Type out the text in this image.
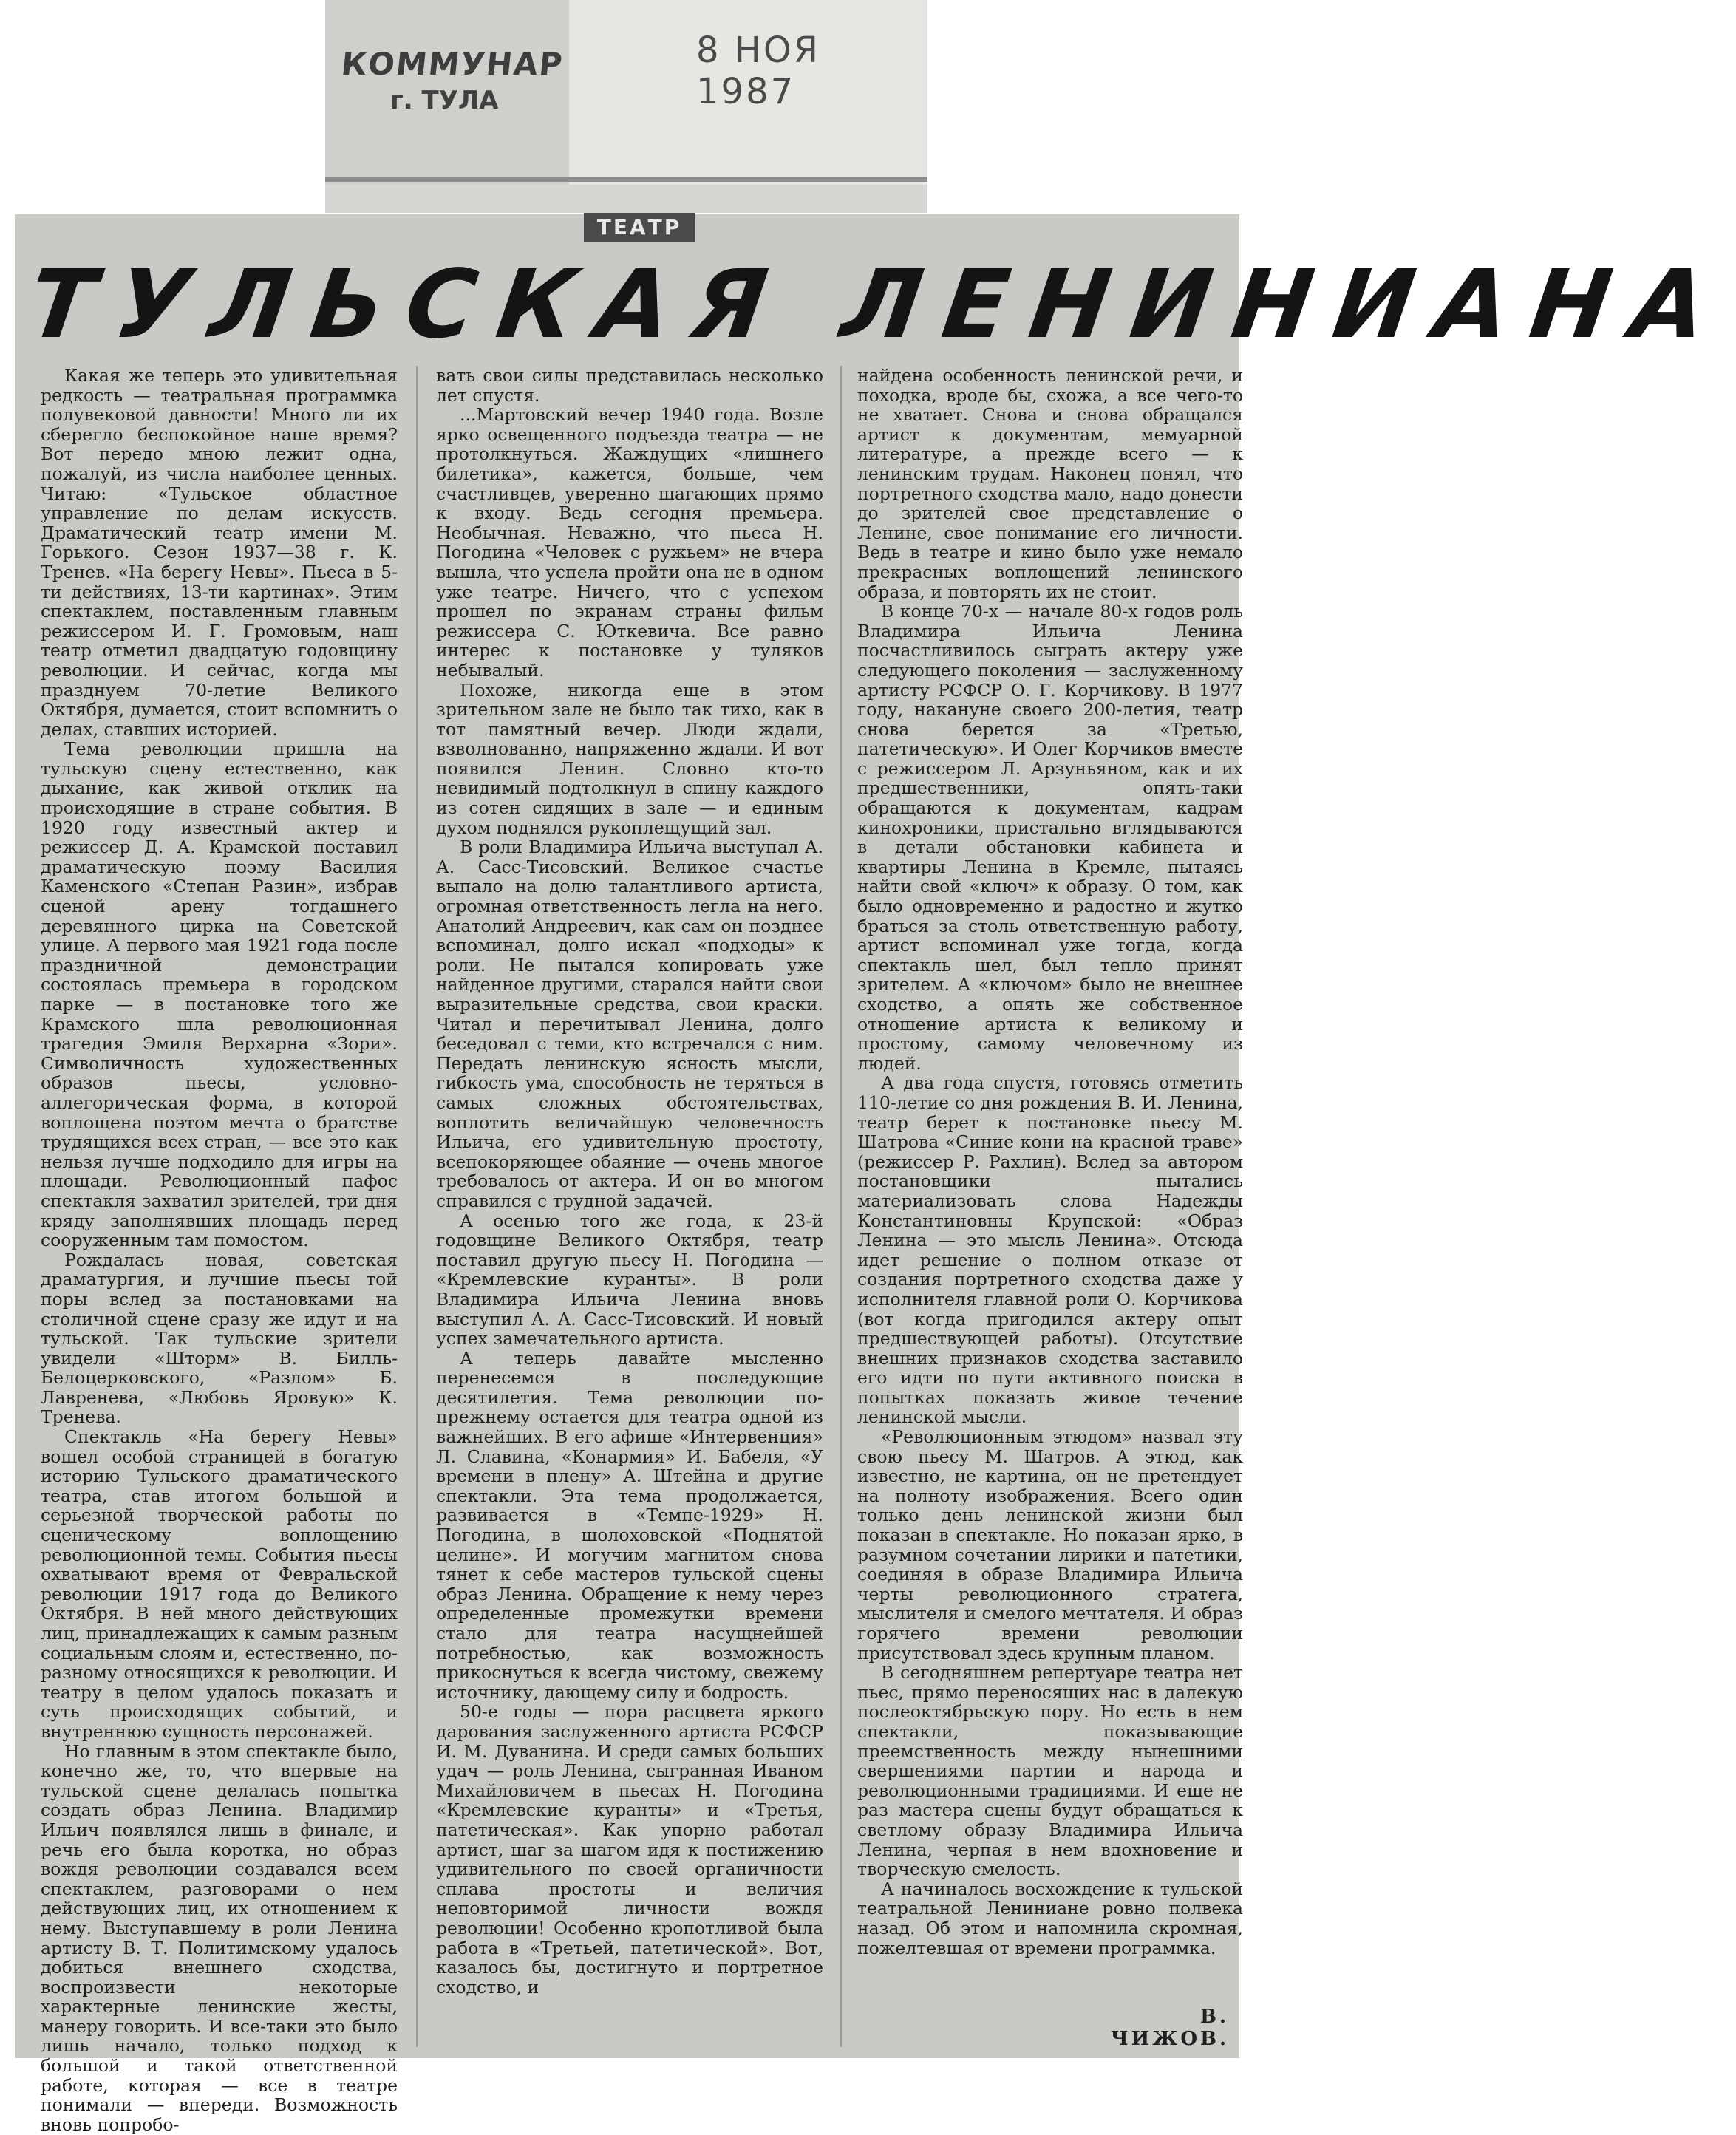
КОММУНАР
г. ТУЛА
8 НОЯ 1987
ТЕАТР
ТУЛЬСКАЯ ЛЕНИНИАНА

Какая же теперь это удивительная редкость — театральная программка полувековой давности! Много ли их сберегло беспокойное наше время? Вот передо мною лежит одна, пожалуй, из числа наиболее ценных. Читаю: «Тульское областное управление по делам искусств. Драматический театр имени М. Горького. Сезон 1937—38 г. К. Тренев. «На берегу Невы». Пьеса в 5-ти действиях, 13-ти картинах». Этим спектаклем, поставленным главным режиссером И. Г. Громовым, наш театр отметил двадцатую годовщину революции. И сейчас, когда мы празднуем 70-летие Великого Октября, думается, стоит вспомнить о делах, ставших историей.

Тема революции пришла на тульскую сцену естественно, как дыхание, как живой отклик на происходящие в стране события. В 1920 году известный актер и режиссер Д. А. Крамской поставил драматическую поэму Василия Каменского «Степан Разин», избрав сценой арену тогдашнего деревянного цирка на Советской улице. А первого мая 1921 года после праздничной демонстрации состоялась премьера в городском парке — в постановке того же Крамского шла революционная трагедия Эмиля Верхарна «Зори». Символичность художественных образов пьесы, условно-аллегорическая форма, в которой воплощена поэтом мечта о братстве трудящихся всех стран, — все это как нельзя лучше подходило для игры на площади. Революционный пафос спектакля захватил зрителей, три дня кряду заполнявших площадь перед сооруженным там помостом.

Рождалась новая, советская драматургия, и лучшие пьесы той поры вслед за постановками на столичной сцене сразу же идут и на тульской. Так тульские зрители увидели «Шторм» В. Билль-Белоцерковского, «Разлом» Б. Лавренева, «Любовь Яровую» К. Тренева.

Спектакль «На берегу Невы» вошел особой страницей в богатую историю Тульского драматического театра, став итогом большой и серьезной творческой работы по сценическому воплощению революционной темы. События пьесы охватывают время от Февральской революции 1917 года до Великого Октября. В ней много действующих лиц, принадлежащих к самым разным социальным слоям и, естественно, по-разному относящихся к революции. И театру в целом удалось показать и суть происходящих событий, и внутреннюю сущность персонажей.

Но главным в этом спектакле было, конечно же, то, что впервые на тульской сцене делалась попытка создать образ Ленина. Владимир Ильич появлялся лишь в финале, и речь его была коротка, но образ вождя революции создавался всем спектаклем, разговорами о нем действующих лиц, их отношением к нему. Выступавшему в роли Ленина артисту В. Т. Политимскому удалось добиться внешнего сходства, воспроизвести некоторые характерные ленинские жесты, манеру говорить. И все-таки это было лишь начало, только подход к большой и такой ответственной работе, которая — все в театре понимали — впереди. Возможность вновь попробо-

вать свои силы представилась несколько лет спустя.

...Мартовский вечер 1940 года. Возле ярко освещенного подъезда театра — не протолкнуться. Жаждущих «лишнего билетика», кажется, больше, чем счастливцев, уверенно шагающих прямо к входу. Ведь сегодня премьера. Необычная. Неважно, что пьеса Н. Погодина «Человек с ружьем» не вчера вышла, что успела пройти она не в одном уже театре. Ничего, что с успехом прошел по экранам страны фильм режиссера С. Юткевича. Все равно интерес к постановке у туляков небывалый.

Похоже, никогда еще в этом зрительном зале не было так тихо, как в тот памятный вечер. Люди ждали, взволнованно, напряженно ждали. И вот появился Ленин. Словно кто-то невидимый подтолкнул в спину каждого из сотен сидящих в зале — и единым духом поднялся рукоплещущий зал.

В роли Владимира Ильича выступал А. А. Сасс-Тисовский. Великое счастье выпало на долю талантливого артиста, огромная ответственность легла на него. Анатолий Андреевич, как сам он позднее вспоминал, долго искал «подходы» к роли. Не пытался копировать уже найденное другими, старался найти свои выразительные средства, свои краски. Читал и перечитывал Ленина, долго беседовал с теми, кто встречался с ним. Передать ленинскую ясность мысли, гибкость ума, способность не теряться в самых сложных обстоятельствах, воплотить величайшую человечность Ильича, его удивительную простоту, всепокоряющее обаяние — очень многое требовалось от актера. И он во многом справился с трудной задачей.

А осенью того же года, к 23-й годовщине Великого Октября, театр поставил другую пьесу Н. Погодина — «Кремлевские куранты». В роли Владимира Ильича Ленина вновь выступил А. А. Сасс-Тисовский. И новый успех замечательного артиста.

А теперь давайте мысленно перенесемся в последующие десятилетия. Тема революции по-прежнему остается для театра одной из важнейших. В его афише «Интервенция» Л. Славина, «Конармия» И. Бабеля, «У времени в плену» А. Штейна и другие спектакли. Эта тема продолжается, развивается в «Темпе-1929» Н. Погодина, в шолоховской «Поднятой целине». И могучим магнитом снова тянет к себе мастеров тульской сцены образ Ленина. Обращение к нему через определенные промежутки времени стало для театра насущнейшей потребностью, как возможность прикоснуться к всегда чистому, свежему источнику, дающему силу и бодрость.

50-е годы — пора расцвета яркого дарования заслуженного артиста РСФСР И. М. Дуванина. И среди самых больших удач — роль Ленина, сыгранная Иваном Михайловичем в пьесах Н. Погодина «Кремлевские куранты» и «Третья, патетическая». Как упорно работал артист, шаг за шагом идя к постижению удивительного по своей органичности сплава простоты и величия неповторимой личности вождя революции! Особенно кропотливой была работа в «Третьей, патетической». Вот, казалось бы, достигнуто и портретное сходство, и

найдена особенность ленинской речи, и походка, вроде бы, схожа, а все чего-то не хватает. Снова и снова обращался артист к документам, мемуарной литературе, а прежде всего — к ленинским трудам. Наконец понял, что портретного сходства мало, надо донести до зрителей свое представление о Ленине, свое понимание его личности. Ведь в театре и кино было уже немало прекрасных воплощений ленинского образа, и повторять их не стоит.

В конце 70-х — начале 80-х годов роль Владимира Ильича Ленина посчастливилось сыграть актеру уже следующего поколения — заслуженному артисту РСФСР О. Г. Корчикову. В 1977 году, накануне своего 200-летия, театр снова берется за «Третью, патетическую». И Олег Корчиков вместе с режиссером Л. Арзуньяном, как и их предшественники, опять-таки обращаются к документам, кадрам кинохроники, пристально вглядываются в детали обстановки кабинета и квартиры Ленина в Кремле, пытаясь найти свой «ключ» к образу. О том, как было одновременно и радостно и жутко браться за столь ответственную работу, артист вспоминал уже тогда, когда спектакль шел, был тепло принят зрителем. А «ключом» было не внешнее сходство, а опять же собственное отношение артиста к великому и простому, самому человечному из людей.

А два года спустя, готовясь отметить 110-летие со дня рождения В. И. Ленина, театр берет к постановке пьесу М. Шатрова «Синие кони на красной траве» (режиссер Р. Рахлин). Вслед за автором постановщики пытались материализовать слова Надежды Константиновны Крупской: «Образ Ленина — это мысль Ленина». Отсюда идет решение о полном отказе от создания портретного сходства даже у исполнителя главной роли О. Корчикова (вот когда пригодился актеру опыт предшествующей работы). Отсутствие внешних признаков сходства заставило его идти по пути активного поиска в попытках показать живое течение ленинской мысли.

«Революционным этюдом» назвал эту свою пьесу М. Шатров. А этюд, как известно, не картина, он не претендует на полноту изображения. Всего один только день ленинской жизни был показан в спектакле. Но показан ярко, в разумном сочетании лирики и патетики, соединяя в образе Владимира Ильича черты революционного стратега, мыслителя и смелого мечтателя. И образ горячего времени революции присутствовал здесь крупным планом.

В сегодняшнем репертуаре театра нет пьес, прямо переносящих нас в далекую послеоктябрьскую пору. Но есть в нем спектакли, показывающие преемственность между нынешними свершениями партии и народа и революционными традициями. И еще не раз мастера сцены будут обращаться к светлому образу Владимира Ильича Ленина, черпая в нем вдохновение и творческую смелость.

А начиналось восхождение к тульской театральной Лениниане ровно полвека назад. Об этом и напомнила скромная, пожелтевшая от времени программка.

В. ЧИЖОВ.
